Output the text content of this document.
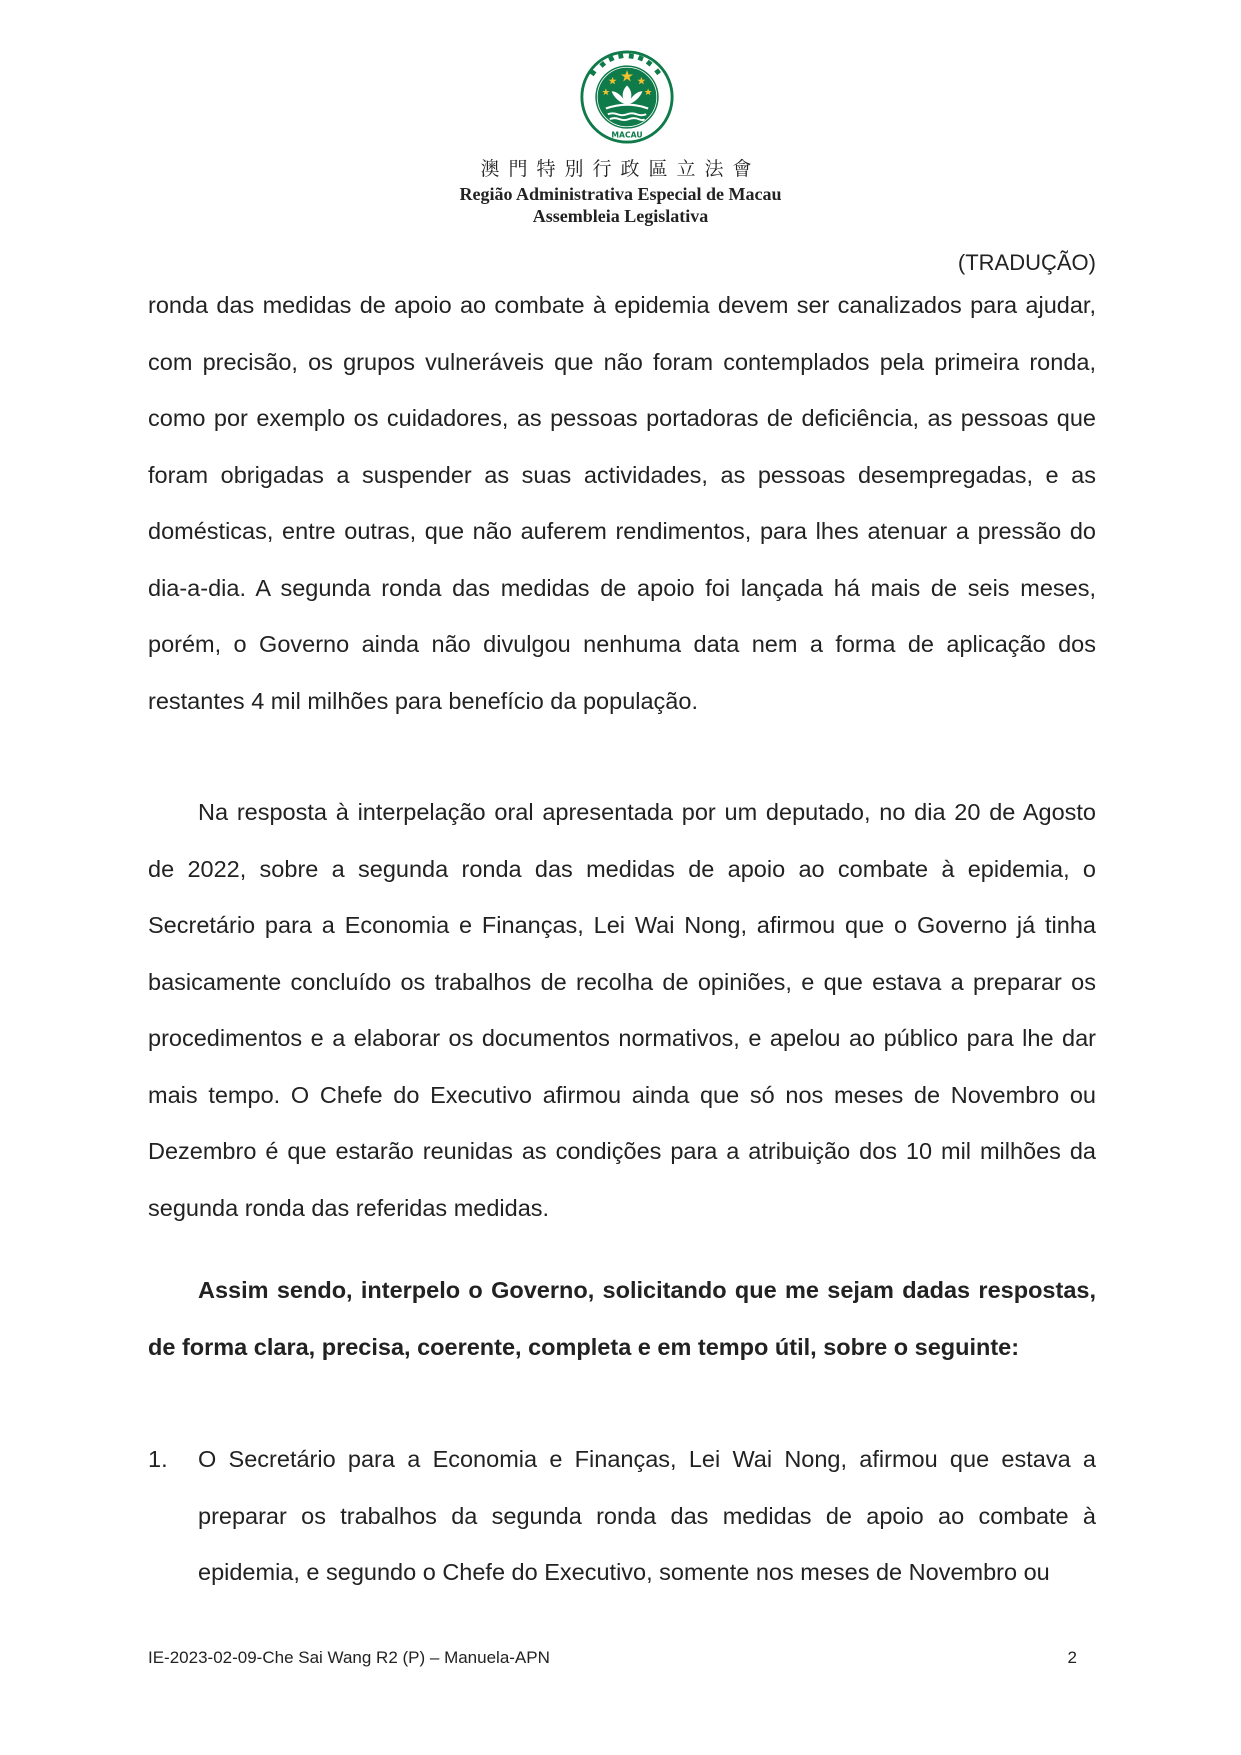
MACAU
澳門特別行政區立法會
Região Administrativa Especial de Macau
Assembleia Legislativa
(TRADUÇÃO)

ronda das medidas de apoio ao combate à epidemia devem ser canalizados para ajudar, com precisão, os grupos vulneráveis que não foram contemplados pela primeira ronda, como por exemplo os cuidadores, as pessoas portadoras de deficiência, as pessoas que foram obrigadas a suspender as suas actividades, as pessoas desempregadas, e as domésticas, entre outras, que não auferem rendimentos, para lhes atenuar a pressão do dia-a-dia. A segunda ronda das medidas de apoio foi lançada há mais de seis meses, porém, o Governo ainda não divulgou nenhuma data nem a forma de aplicação dos restantes 4 mil milhões para benefício da população.

Na resposta à interpelação oral apresentada por um deputado, no dia 20 de Agosto de 2022, sobre a segunda ronda das medidas de apoio ao combate à epidemia, o Secretário para a Economia e Finanças, Lei Wai Nong, afirmou que o Governo já tinha basicamente concluído os trabalhos de recolha de opiniões, e que estava a preparar os procedimentos e a elaborar os documentos normativos, e apelou ao público para lhe dar mais tempo. O Chefe do Executivo afirmou ainda que só nos meses de Novembro ou Dezembro é que estarão reunidas as condições para a atribuição dos 10 mil milhões da segunda ronda das referidas medidas.

Assim sendo, interpelo o Governo, solicitando que me sejam dadas respostas, de forma clara, precisa, coerente, completa e em tempo útil, sobre o seguinte:

1.	O Secretário para a Economia e Finanças, Lei Wai Nong, afirmou que estava a preparar os trabalhos da segunda ronda das medidas de apoio ao combate à epidemia, e segundo o Chefe do Executivo, somente nos meses de Novembro ou

IE-2023-02-09-Che Sai Wang R2 (P) – Manuela-APN	2
